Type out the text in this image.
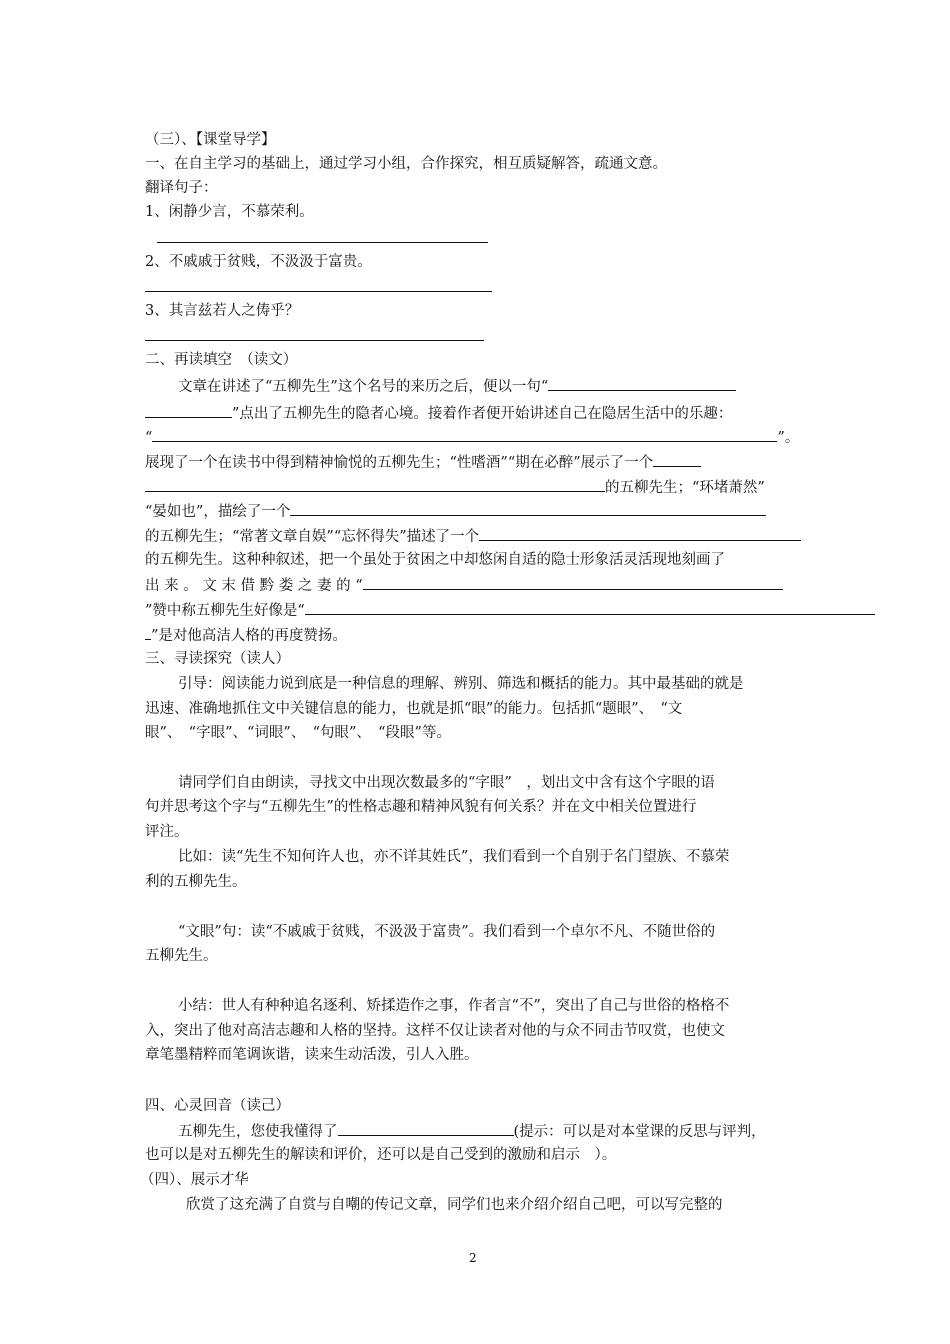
（三）、【课堂导学】
一、在自主学习的基础上，通过学习小组，合作探究，相互质疑解答，疏通文意。
翻译句子：
1、闲静少言，不慕荣利。
2、不戚戚于贫贱，不汲汲于富贵。
3、其言兹若人之俦乎？
二、再读填空　（读文）
文章在讲述了“五柳先生”这个名号的来历之后，便以一句“
”点出了五柳先生的隐者心境。接着作者便开始讲述自己在隐居生活中的乐趣：
“	”。
展现了一个在读书中得到精神愉悦的五柳先生；“性嗜酒”“期在必醉”展示了一个
的五柳先生；“环堵萧然”
“晏如也”，描绘了一个
的五柳先生；“常著文章自娱”“忘怀得失”描述了一个
的五柳先生。这种种叙述，把一个虽处于贫困之中却悠闲自适的隐士形象活灵活现地刻画了
出 来 。 文 末 借 黔 娄 之 妻 的 “
”赞中称五柳先生好像是“
”是对他高洁人格的再度赞扬。
三、寻读探究（读人）
引导：阅读能力说到底是一种信息的理解、辨别、筛选和概括的能力。其中最基础的就是
迅速、准确地抓住文中关键信息的能力，也就是抓“眼”的能力。包括抓“题眼”、　“文
眼”、　“字眼”、“词眼”、　“句眼”、　“段眼”等。
请同学们自由朗读，寻找文中出现次数最多的“字眼”　，划出文中含有这个字眼的语
句并思考这个字与“五柳先生”的性格志趣和精神风貌有何关系？并在文中相关位置进行
评注。
比如：读“先生不知何许人也，亦不详其姓氏”，我们看到一个自别于名门望族、不慕荣
利的五柳先生。
“文眼”句：读“不戚戚于贫贱，不汲汲于富贵”。我们看到一个卓尔不凡、不随世俗的
五柳先生。
小结：世人有种种追名逐利、矫揉造作之事，作者言“不”，突出了自己与世俗的格格不
入，突出了他对高洁志趣和人格的坚持。这样不仅让读者对他的与众不同击节叹赏，也使文
章笔墨精粹而笔调诙谐，读来生动活泼，引人入胜。
四、心灵回音（读己）
五柳先生，您使我懂得了	(提示：可以是对本堂课的反思与评判，
也可以是对五柳先生的解读和评价，还可以是自己受到的激励和启示　）。
（四）、展示才华
欣赏了这充满了自赏与自嘲的传记文章，同学们也来介绍介绍自己吧，可以写完整的
2
